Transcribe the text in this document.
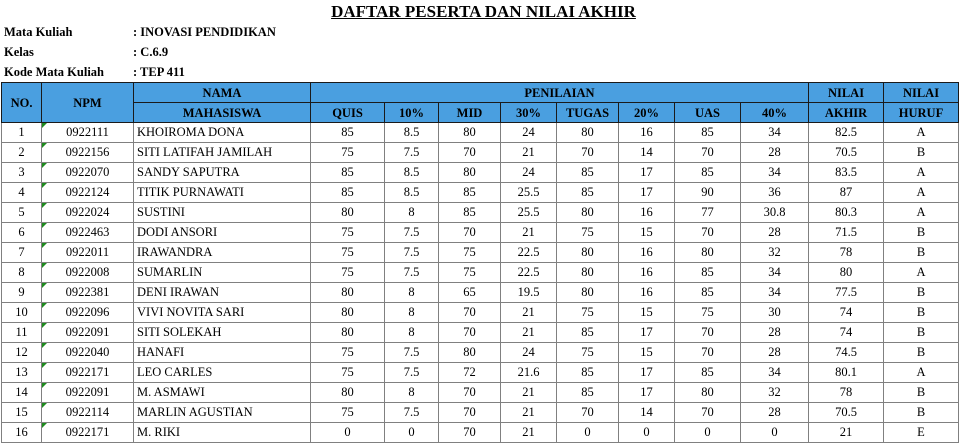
DAFTAR PESERTA DAN NILAI AKHIR
Mata Kuliah	: INOVASI PENDIDIKAN
Kelas	: C.6.9
Kode Mata Kuliah : TEP 411
NO.	NPM	NAMA	PENILAIAN								NILAI	NILAI
		MAHASISWA	QUIS	10%	MID	30%	TUGAS	20%	UAS	40%	AKHIR	HURUF
1	0922111	KHOIROMA DONA	85	8.5	80	24	80	16	85	34	82.5	A
2	0922156	SITI LATIFAH JAMILAH	75	7.5	70	21	70	14	70	28	70.5	B
3	0922070	SANDY SAPUTRA	85	8.5	80	24	85	17	85	34	83.5	A
4	0922124	TITIK PURNAWATI	85	8.5	85	25.5	85	17	90	36	87	A
5	0922024	SUSTINI	80	8	85	25.5	80	16	77	30.8	80.3	A
6	0922463	DODI ANSORI	75	7.5	70	21	75	15	70	28	71.5	B
7	0922011	IRAWANDRA	75	7.5	75	22.5	80	16	80	32	78	B
8	0922008	SUMARLIN	75	7.5	75	22.5	80	16	85	34	80	A
9	0922381	DENI IRAWAN	80	8	65	19.5	80	16	85	34	77.5	B
10	0922096	VIVI NOVITA SARI	80	8	70	21	75	15	75	30	74	B
11	0922091	SITI SOLEKAH	80	8	70	21	85	17	70	28	74	B
12	0922040	HANAFI	75	7.5	80	24	75	15	70	28	74.5	B
13	0922171	LEO CARLES	75	7.5	72	21.6	85	17	85	34	80.1	A
14	0922091	M. ASMAWI	80	8	70	21	85	17	80	32	78	B
15	0922114	MARLIN AGUSTIAN	75	7.5	70	21	70	14	70	28	70.5	B
16	0922171	M. RIKI	0	0	70	21	0	0	0	0	21	E
